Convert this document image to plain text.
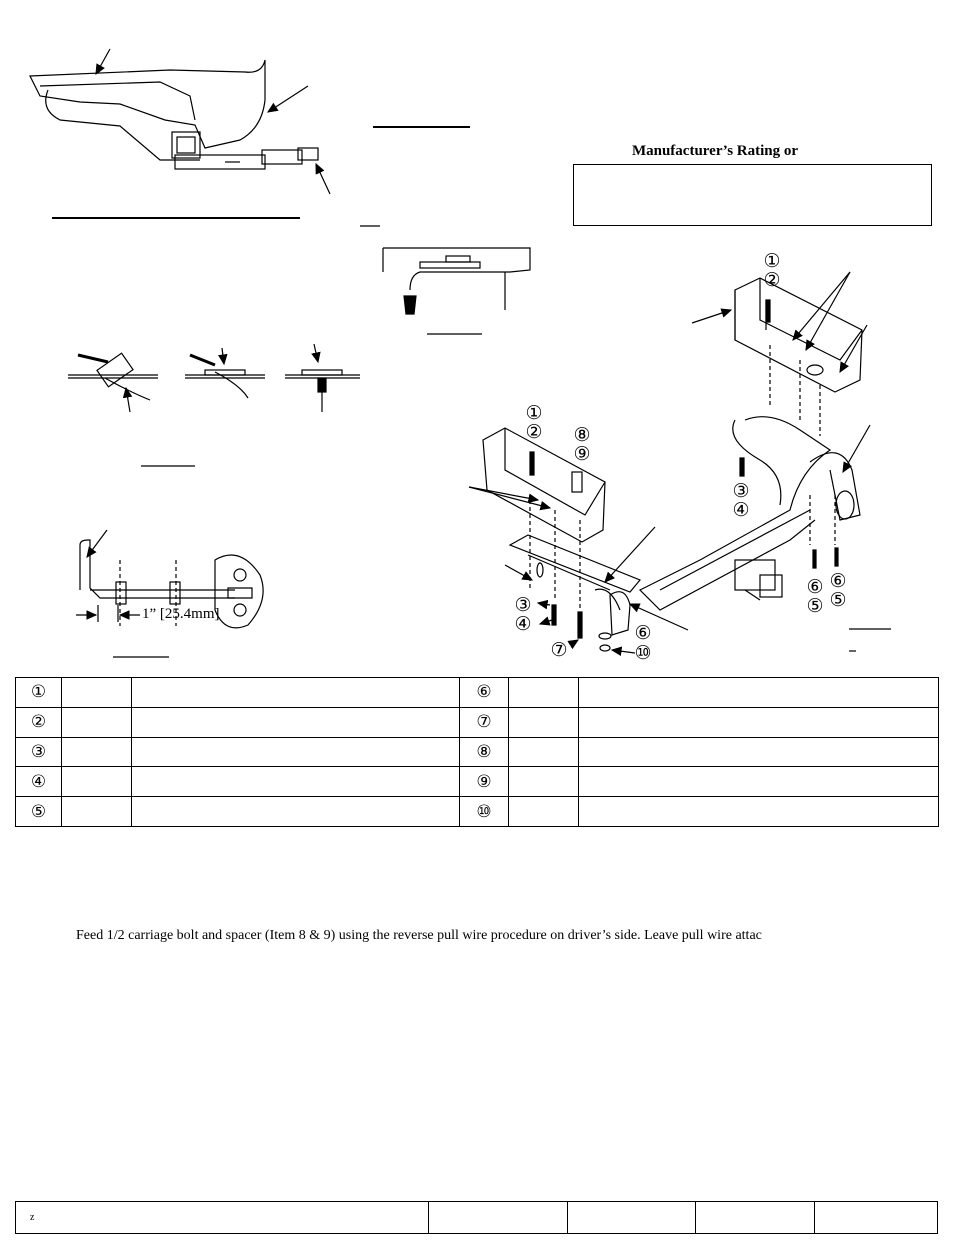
Manufacturer’s Rating or
1” [25.4mm]
①
②
①
② ⑧
⑨
③
④
⑥
⑤
⑥
⑤
③
④
⑦
⑥
⑩
①			⑥		
②			⑦		
③			⑧		
④			⑨		
⑤			⑩		
Feed 1/2 carriage bolt and spacer (Item 8 & 9) using the reverse pull wire procedure on driver’s side. Leave pull wire attac
z				
